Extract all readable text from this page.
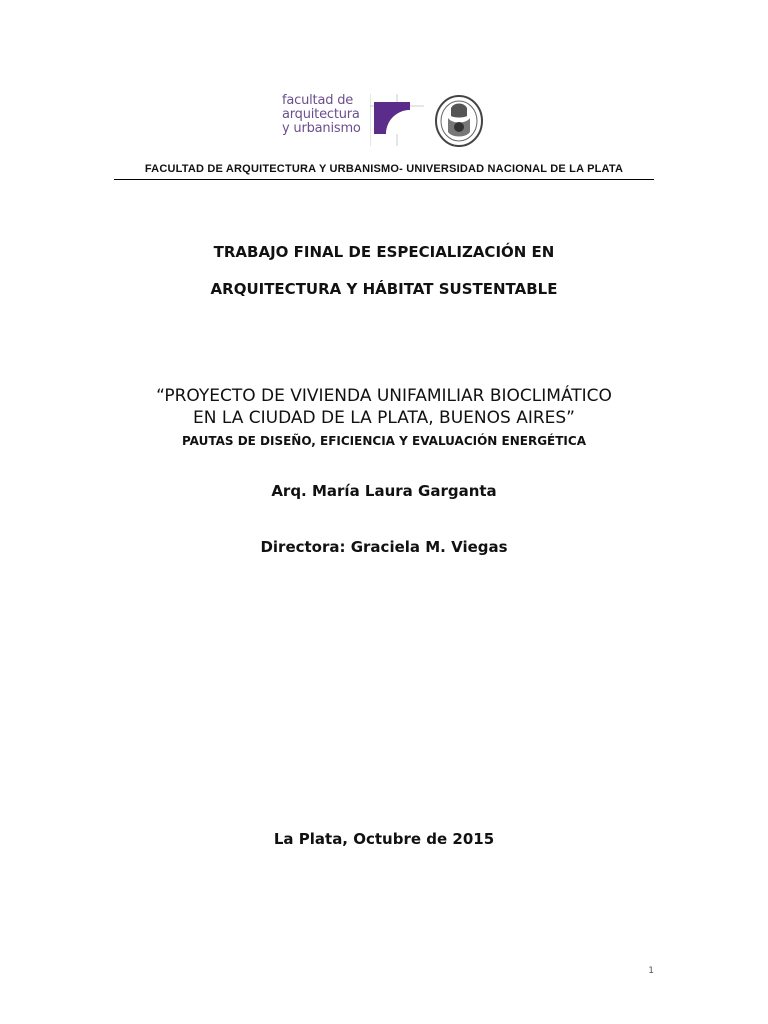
facultad de
arquitectura
y urbanismo
FACULTAD DE ARQUITECTURA Y URBANISMO- UNIVERSIDAD NACIONAL DE LA PLATA
TRABAJO FINAL DE ESPECIALIZACIÓN EN
ARQUITECTURA Y HÁBITAT SUSTENTABLE
“PROYECTO DE VIVIENDA UNIFAMILIAR BIOCLIMÁTICO
EN LA CIUDAD DE LA PLATA, BUENOS AIRES”
PAUTAS DE DISEÑO, EFICIENCIA Y EVALUACIÓN ENERGÉTICA
Arq. María Laura Garganta
Directora: Graciela M. Viegas
La Plata, Octubre de 2015
1
